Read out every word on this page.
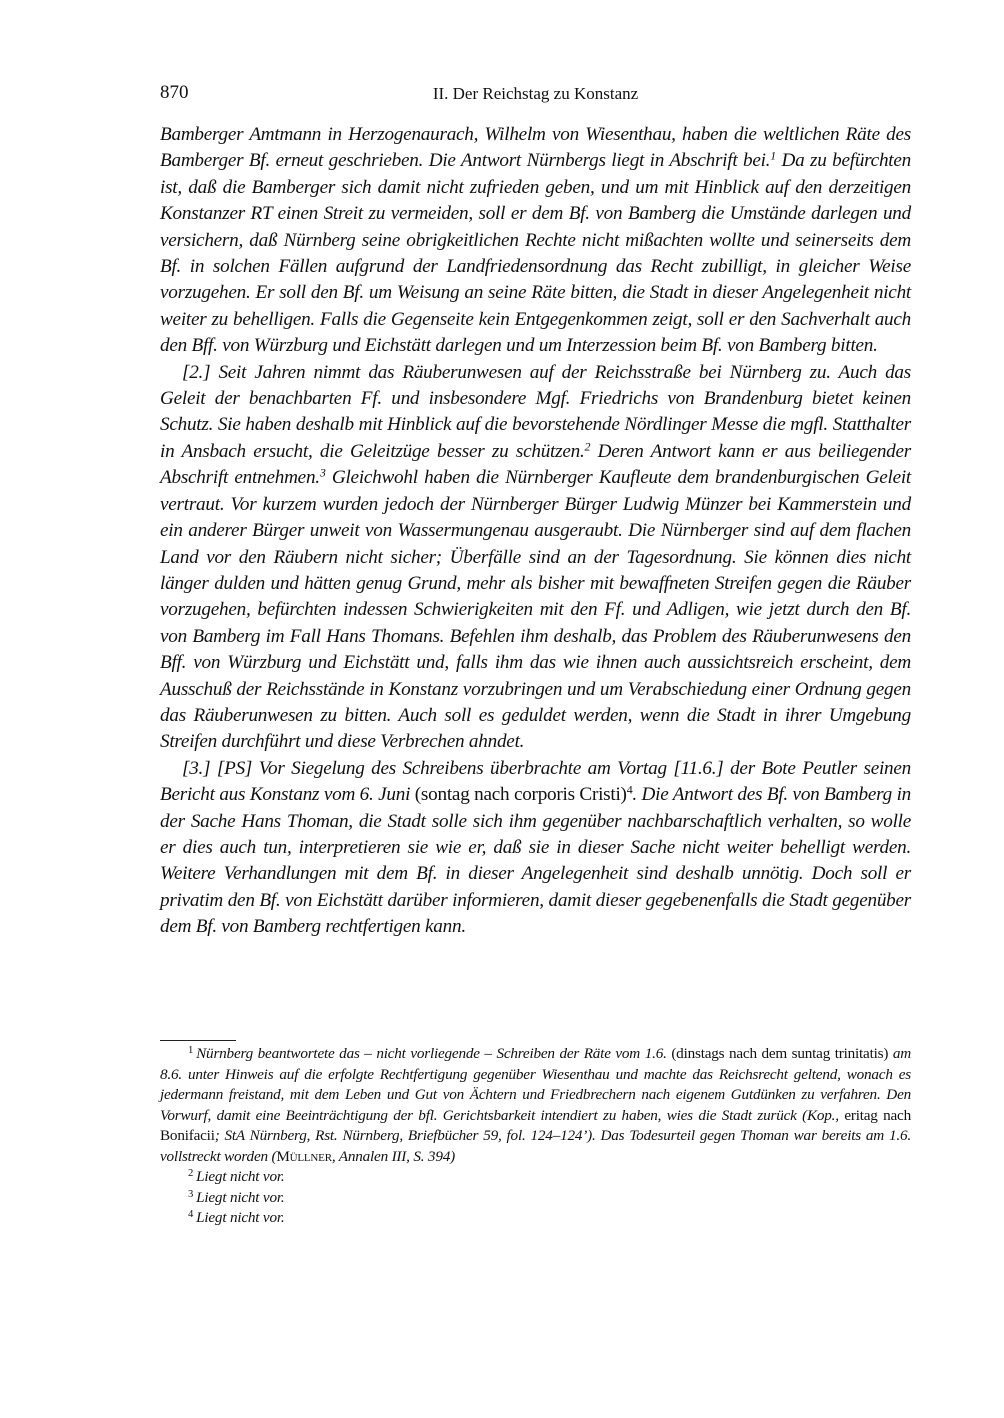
870	II. Der Reichstag zu Konstanz

Bamberger Amtmann in Herzogenaurach, Wilhelm von Wiesenthau, haben die weltlichen Räte des Bamberger Bf. erneut geschrieben. Die Antwort Nürnbergs liegt in Abschrift bei.$^1$ Da zu befürchten ist, daß die Bamberger sich damit nicht zufrieden geben, und um mit Hinblick auf den derzeitigen Konstanzer RT einen Streit zu vermeiden, soll er dem Bf. von Bamberg die Umstände darlegen und versichern, daß Nürnberg seine obrigkeitlichen Rechte nicht mißachten wollte und seinerseits dem Bf. in solchen Fällen aufgrund der Landfriedensordnung das Recht zubilligt, in gleicher Weise vorzugehen. Er soll den Bf. um Weisung an seine Räte bitten, die Stadt in dieser Angelegenheit nicht weiter zu behelligen. Falls die Gegenseite kein Entgegenkommen zeigt, soll er den Sachverhalt auch den Bff. von Würzburg und Eichstätt darlegen und um Interzession beim Bf. von Bamberg bitten.

[2.] Seit Jahren nimmt das Räuberunwesen auf der Reichsstraße bei Nürnberg zu. Auch das Geleit der benachbarten Ff. und insbesondere Mgf. Friedrichs von Brandenburg bietet keinen Schutz. Sie haben deshalb mit Hinblick auf die bevorstehende Nördlinger Messe die mgfl. Statthalter in Ansbach ersucht, die Geleitzüge besser zu schützen.$^2$ Deren Antwort kann er aus beiliegender Abschrift entnehmen.$^3$ Gleichwohl haben die Nürnberger Kaufleute dem brandenburgischen Geleit vertraut. Vor kurzem wurden jedoch der Nürnberger Bürger Ludwig Münzer bei Kammerstein und ein anderer Bürger unweit von Wassermungenau ausgeraubt. Die Nürnberger sind auf dem flachen Land vor den Räubern nicht sicher; Überfälle sind an der Tagesordnung. Sie können dies nicht länger dulden und hätten genug Grund, mehr als bisher mit bewaffneten Streifen gegen die Räuber vorzugehen, befürchten indessen Schwierigkeiten mit den Ff. und Adligen, wie jetzt durch den Bf. von Bamberg im Fall Hans Thomans. Befehlen ihm deshalb, das Problem des Räuberunwesens den Bff. von Würzburg und Eichstätt und, falls ihm das wie ihnen auch aussichtsreich erscheint, dem Ausschuß der Reichsstände in Konstanz vorzubringen und um Verabschiedung einer Ordnung gegen das Räuberunwesen zu bitten. Auch soll es geduldet werden, wenn die Stadt in ihrer Umgebung Streifen durchführt und diese Verbrechen ahndet.

[3.] [PS] Vor Siegelung des Schreibens überbrachte am Vortag [11.6.] der Bote Peutler seinen Bericht aus Konstanz vom 6. Juni (sontag nach corporis Cristi)$^4$. Die Antwort des Bf. von Bamberg in der Sache Hans Thoman, die Stadt solle sich ihm gegenüber nachbarschaftlich verhalten, so wolle er dies auch tun, interpretieren sie wie er, daß sie in dieser Sache nicht weiter behelligt werden. Weitere Verhandlungen mit dem Bf. in dieser Angelegenheit sind deshalb unnötig. Doch soll er privatim den Bf. von Eichstätt darüber informieren, damit dieser gegebenenfalls die Stadt gegenüber dem Bf. von Bamberg rechtfertigen kann.

$^1$ Nürnberg beantwortete das – nicht vorliegende – Schreiben der Räte vom 1.6. (dinstags nach dem suntag trinitatis) am 8.6. unter Hinweis auf die erfolgte Rechtfertigung gegenüber Wiesenthau und machte das Reichsrecht geltend, wonach es jedermann freistand, mit dem Leben und Gut von Ächtern und Friedbrechern nach eigenem Gutdünken zu verfahren. Den Vorwurf, damit eine Beeinträchtigung der bfl. Gerichtsbarkeit intendiert zu haben, wies die Stadt zurück (Kop., eritag nach Bonifacii; StA Nürnberg, Rst. Nürnberg, Briefbücher 59, fol. 124–124’). Das Todesurteil gegen Thoman war bereits am 1.6. vollstreckt worden (Müllner, Annalen III, S. 394)

$^2$ Liegt nicht vor.

$^3$ Liegt nicht vor.

$^4$ Liegt nicht vor.
